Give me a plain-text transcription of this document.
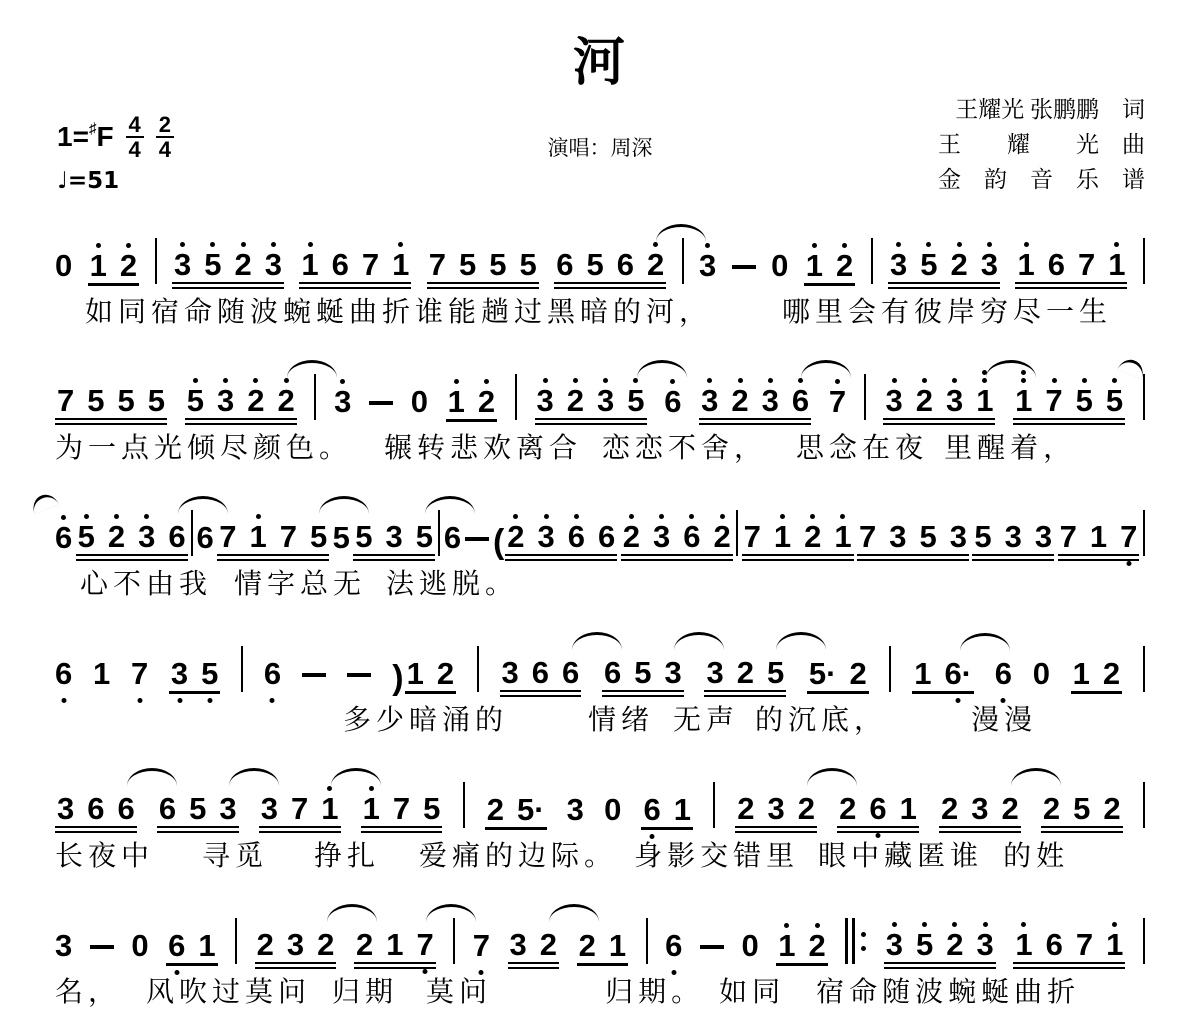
河
王耀光 张鹏鹏　词
王　　耀　　光　曲
金　韵　音　乐　谱
1= ♯ F $\frac{4}{4} \frac{2}{4}$
♩=51
演唱：周深
0 1 2 3 5 2 3 1 6 7 1 7 5 5 5 6 5 6 2 3 0 1 2 3 5 2 3 1 6 7 1
如同宿命随波蜿蜒曲折谁能趟过黑暗的河，	哪里会有彼岸穷尽一生
7 5 5 5 5 3 2 2 3 0 1 2 3 2 3 5 6 3 2 3 6 7 3 2 3 1 1 7 5 5
为一点光倾尽颜色。 辗转悲欢离合 恋恋不舍， 思念在夜 里醒着，
6 5 2 3 6 6 7 1 7 5 5 5 3 5 6 ( 2 3 6 6 2 3 6 2 7 1 2 1 7 3 5 3 5 3 3 7 1 7
心不由我 情字总无 法逃脱。
6 1 7 3 5 6	) 1 2 3 6 6 6 5 3 3 2 5 5· 2 1 6· 6 0 1 2
多少暗涌的	情绪 无声 的沉底，	漫漫
3 6 6 6 5 3 3 7 1 1 7 5 2 5· 3 0 6 1 2 3 2 2 6 1 2 3 2 2 5 2
长夜中 寻觅 挣扎 爱痛的边际。 身影交错里 眼中藏匿谁 的姓
3 0 6 1 2 3 2 2 1 7 7 3 2 2 1 6 0 1 2 3 5 2 3 1 6 7 1
名， 风吹过莫问 归期 莫问	归期。 如同 宿命随波蜿蜒曲折
